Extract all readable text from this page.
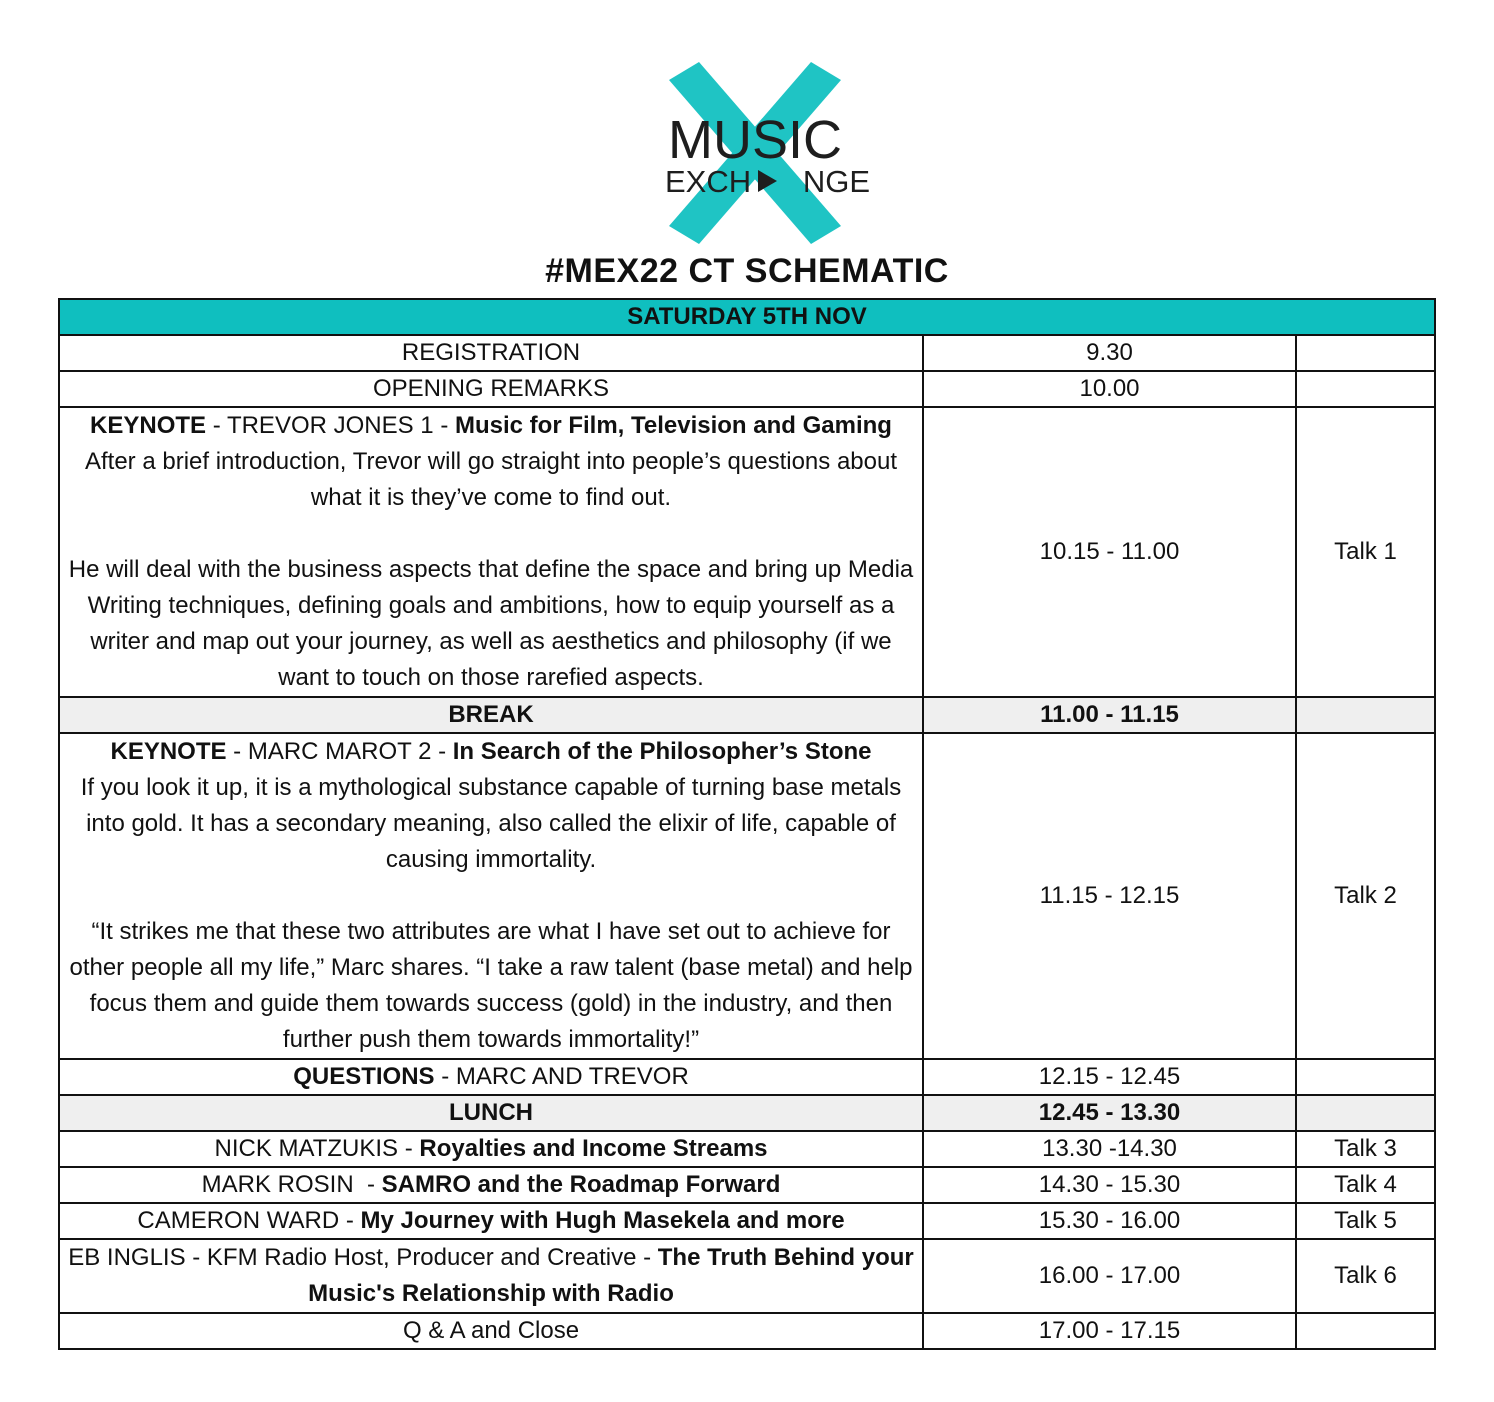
MUSIC
EXCH NGE
#MEX22 CT SCHEMATIC
SATURDAY 5TH NOV		
REGISTRATION	9.30	
OPENING REMARKS	10.00	

KEYNOTE - TREVOR JONES 1 - Music for Film, Television and Gaming
After a brief introduction, Trevor will go straight into people’s questions about what it is they’ve come to find out.
He will deal with the business aspects that define the space and bring up Media Writing techniques, defining goals and ambitions, how to equip yourself as a writer and map out your journey, as well as aesthetics and philosophy (if we want to touch on those rarefied aspects.	10.15 - 11.00	Talk 1
BREAK	11.00 - 11.15	

KEYNOTE - MARC MAROT 2 - In Search of the Philosopher’s Stone
If you look it up, it is a mythological substance capable of turning base metals into gold. It has a secondary meaning, also called the elixir of life, capable of causing immortality.
“It strikes me that these two attributes are what I have set out to achieve for other people all my life,” Marc shares. “I take a raw talent (base metal) and help focus them and guide them towards success (gold) in the industry, and then further push them towards immortality!”	11.15 - 12.15	Talk 2
QUESTIONS - MARC AND TREVOR	12.15 - 12.45	
LUNCH	12.45 - 13.30	
NICK MATZUKIS - Royalties and Income Streams	13.30 -14.30	Talk 3
MARK ROSIN  - SAMRO and the Roadmap Forward	14.30 - 15.30	Talk 4
CAMERON WARD - My Journey with Hugh Masekela and more	15.30 - 16.00	Talk 5
EB INGLIS - KFM Radio Host, Producer and Creative - The Truth Behind your Music's Relationship with Radio	16.00 - 17.00	Talk 6
Q & A and Close	17.00 - 17.15	
